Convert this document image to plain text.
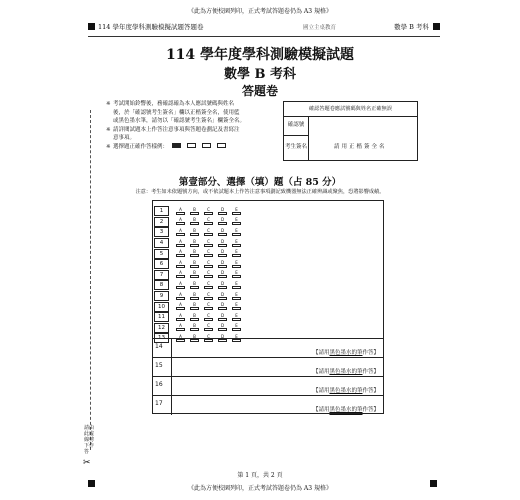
《此為方便校園列印，正式考試答題卷仍為 A3 規格》
114 學年度學科測驗模擬試題答題卷	國立主桌教育	數學 B 考科
114 學年度學科測驗模擬試題
數學 B 考科
答題卷
※ 考試開始鈴響後，務確認確為本人應試號碼與姓名
後，於「確認號考生簽名」欄以正楷簽全名，使用藍
或黑色墨水筆，請勿以「確認號考生簽名」欄簽全名。
※ 請詳閱試題本上作答注意事項與答題卷劃記及書寫注
意事項。
※ 選擇題正確作答樣例：
確認答題卷應試號碼與姓名正確無誤
確認號
考生簽名	請用正楷簽全名
第壹部分、選擇（填）題（占 85 分）
注意：考生如未依題號方向，或不依試題本上作答注意事項劃記致機器無法正確辨識或聚焦，恐將影響成績。
1	A	B	C	D	E
2	A	B	C	D	E
3	A	B	C	D	E
4	A	B	C	D	E
5	A	B	C	D	E
6	A	B	C	D	E
7	A	B	C	D	E
8	A	B	C	D	E
9	A	B	C	D	E
10	A	B	C	D	E
11	A	B	C	D	E
12	A	B	C	D	E
13	A	B	C	D	E
14
【請用黑色墨水的筆作答】
15
【請用黑色墨水的筆作答】
16
【請用黑色墨水的筆作答】
17
【請用黑色墨水的筆作答】
請由此虛線剪下作答
✂
第 1 頁，共 2 頁
《此為方便校園列印，正式考試答題卷仍為 A3 規格》
